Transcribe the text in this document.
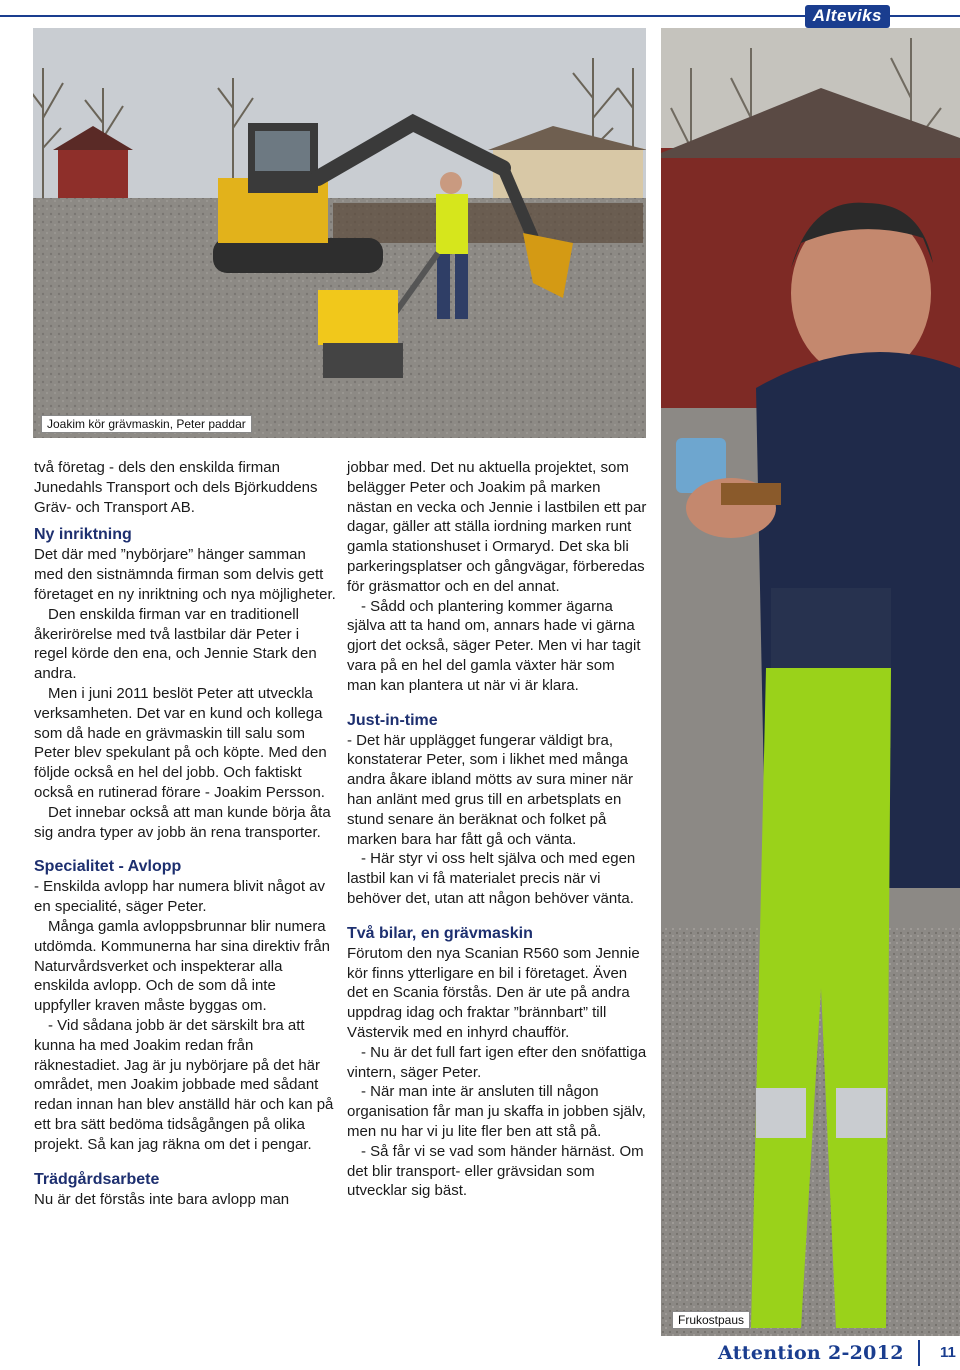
Alteviks
Joakim kör grävmaskin, Peter paddar
Frukostpaus

två företag - dels den enskilda firman Junedahls Transport och dels Björkuddens Gräv- och Transport AB.

Ny inriktning

Det där med ”nybörjare” hänger samman med den sistnämnda firman som delvis gett företaget en ny inriktning och nya möjligheter.

Den enskilda firman var en traditionell åkerirörelse med två lastbilar där Peter i regel körde den ena, och Jennie Stark den andra.

Men i juni 2011 beslöt Peter att utveckla verksamheten. Det var en kund och kollega som då hade en grävmaskin till salu som Peter blev spekulant på och köpte. Med den följde också en hel del jobb. Och faktiskt också en rutinerad förare - Joakim Persson.

Det innebar också att man kunde börja åta sig andra typer av jobb än rena transporter.

Specialitet - Avlopp

- Enskilda avlopp har numera blivit något av en specialité, säger Peter.

Många gamla avloppsbrunnar blir numera utdömda. Kommunerna har sina direktiv från Naturvårdsverket och inspekterar alla enskilda avlopp. Och de som då inte uppfyller kraven måste byggas om.

- Vid sådana jobb är det särskilt bra att kunna ha med Joakim redan från räknestadiet. Jag är ju nybörjare på det här området, men Joakim jobbade med sådant redan innan han blev anställd här och kan på ett bra sätt bedöma tidsågången på olika projekt. Så kan jag räkna om det i pengar.

Trädgårdsarbete

Nu är det förstås inte bara avlopp man

jobbar med. Det nu aktuella projektet, som belägger Peter och Joakim på marken nästan en vecka och Jennie i lastbilen ett par dagar, gäller att ställa iordning marken runt gamla stationshuset i Ormaryd. Det ska bli parkeringsplatser och gångvägar, förberedas för gräsmattor och en del annat.

- Sådd och plantering kommer ägarna själva att ta hand om, annars hade vi gärna gjort det också, säger Peter. Men vi har tagit vara på en hel del gamla växter här som man kan plantera ut när vi är klara.

Just-in-time

- Det här upplägget fungerar väldigt bra, konstaterar Peter, som i likhet med många andra åkare ibland mötts av sura miner när han anlänt med grus till en arbetsplats en stund senare än beräknat och folket på marken bara har fått gå och vänta.

- Här styr vi oss helt själva och med egen lastbil kan vi få materialet precis när vi behöver det, utan att någon behöver vänta.

Två bilar, en grävmaskin

Förutom den nya Scanian R560 som Jennie kör finns ytterligare en bil i företaget. Även det en Scania förstås. Den är ute på andra uppdrag idag och fraktar ”brännbart” till Västervik med en inhyrd chaufför.

- Nu är det full fart igen efter den snöfattiga vintern, säger Peter.

- När man inte är ansluten till någon organisation får man ju skaffa in jobben själv, men nu har vi ju lite fler ben att stå på.

- Så får vi se vad som händer härnäst. Om det blir transport- eller grävsidan som utvecklar sig bäst.

Attention 2-2012 11
